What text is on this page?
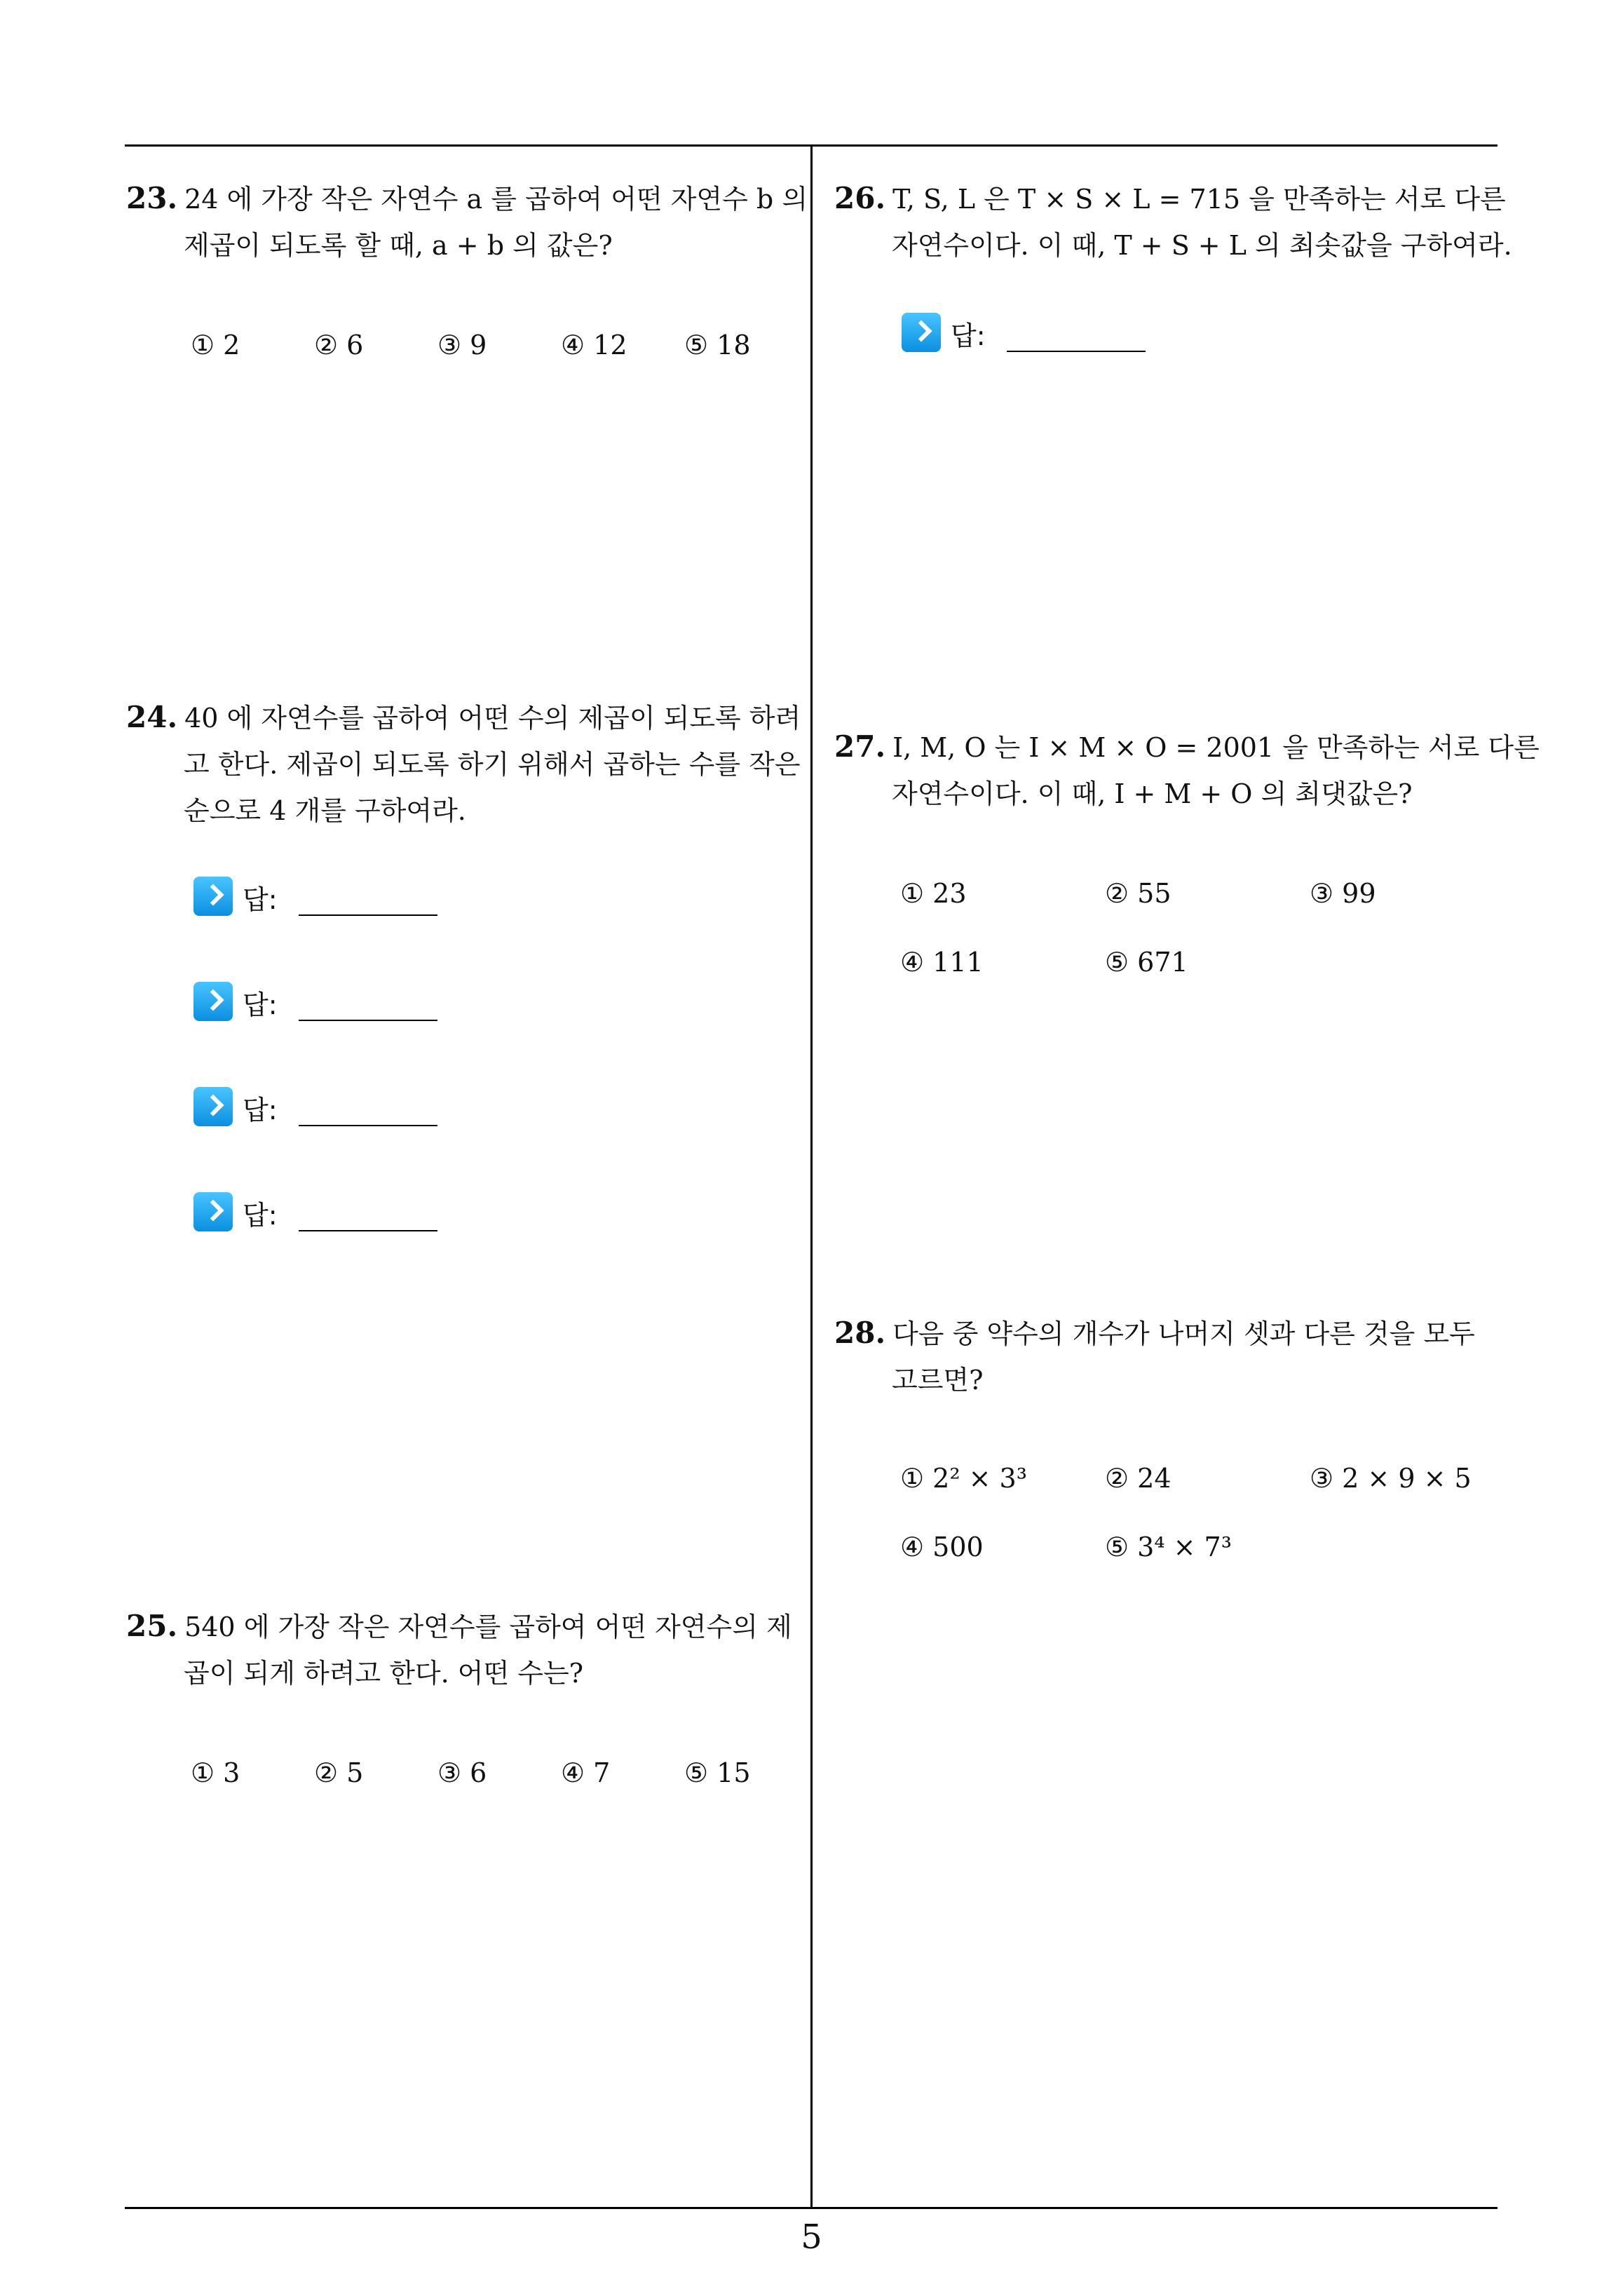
23. 24 에 가장 작은 자연수 a 를 곱하여 어떤 자연수 b 의
제곱이 되도록 할 때, a + b 의 값은?
① 2	② 6	③ 9	④ 12 ⑤ 18
24. 40 에 자연수를 곱하여 어떤 수의 제곱이 되도록 하려
고 한다. 제곱이 되도록 하기 위해서 곱하는 수를 작은
순으로 4 개를 구하여라.
답:
답:
답:
답:
25. 540 에 가장 작은 자연수를 곱하여 어떤 자연수의 제
곱이 되게 하려고 한다. 어떤 수는?
① 3	② 5	③ 6	④ 7	⑤ 15
26. T, S, L 은 T × S × L = 715 을 만족하는 서로 다른
자연수이다. 이 때, T + S + L 의 최솟값을 구하여라.
답:
27. I, M, O 는 I × M × O = 2001 을 만족하는 서로 다른
자연수이다. 이 때, I + M + O 의 최댓값은?
① 23	② 55	③ 99
④ 111	⑤ 671
28. 다음 중 약수의 개수가 나머지 셋과 다른 것을 모두
고르면?
① 2² × 3³	② 24	③ 2 × 9 × 5
④ 500	⑤ 3⁴ × 7³
5
